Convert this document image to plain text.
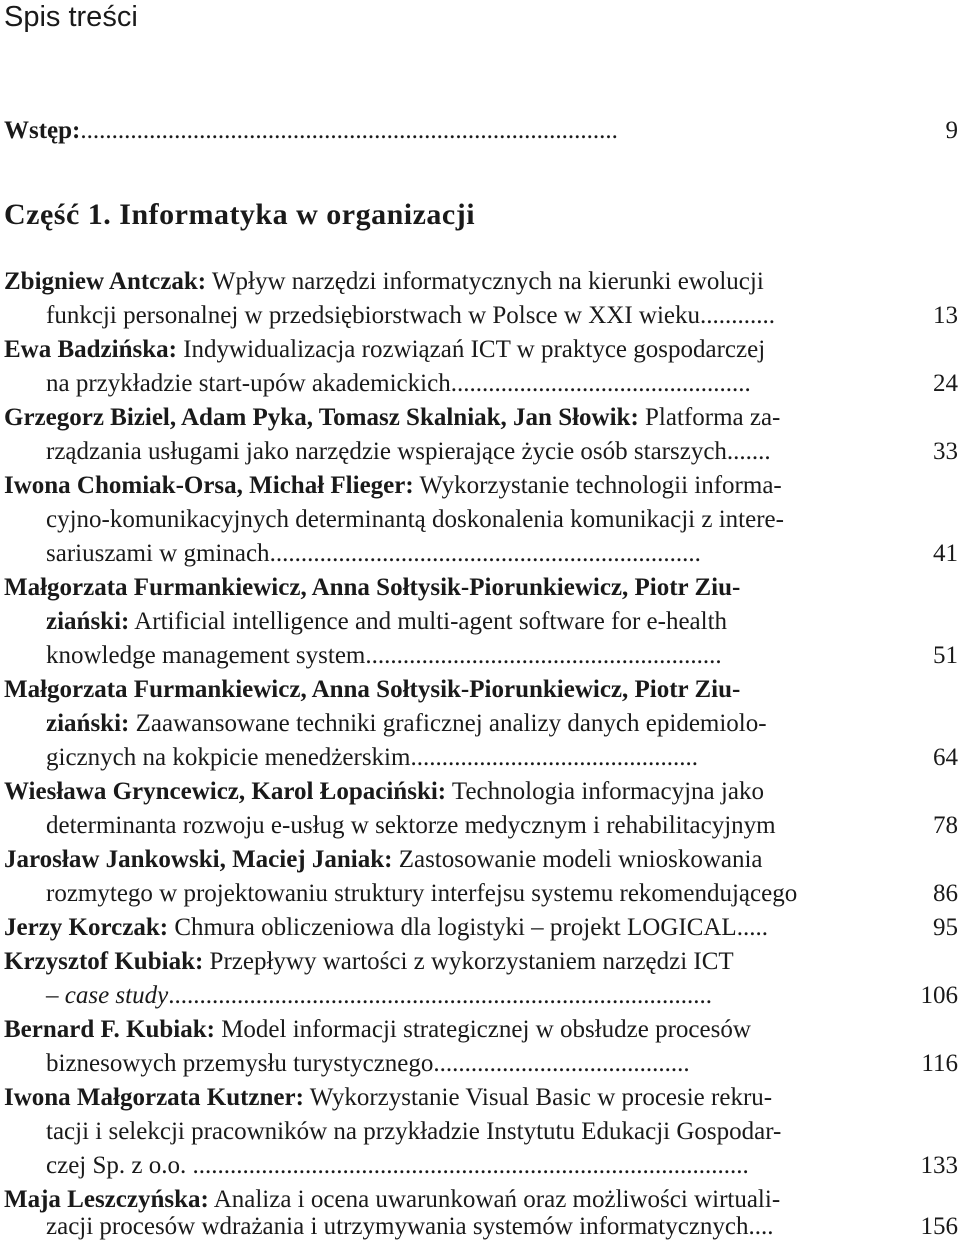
Spis treści
Wstęp:......................................................................................	9
Część 1. Informatyka w organizacji
Zbigniew Antczak: Wpływ narzędzi informatycznych na kierunki ewolucji
funkcji personalnej w przedsiębiorstwach w Polsce w XXI wieku............	13
Ewa Badzińska: Indywidualizacja rozwiązań ICT w praktyce gospodarczej
na przykładzie start-upów akademickich................................................	24
Grzegorz Biziel, Adam Pyka, Tomasz Skalniak, Jan Słowik: Platforma za-
rządzania usługami jako narzędzie wspierające życie osób starszych.......	33
Iwona Chomiak-Orsa, Michał Flieger: Wykorzystanie technologii informa-
cyjno-komunikacyjnych determinantą doskonalenia komunikacji z intere-
sariuszami w gminach.....................................................................	41
Małgorzata Furmankiewicz, Anna Sołtysik-Piorunkiewicz, Piotr Ziu-
ziański: Artificial intelligence and multi-agent software for e-health
knowledge management system.........................................................	51
Małgorzata Furmankiewicz, Anna Sołtysik-Piorunkiewicz, Piotr Ziu-
ziański: Zaawansowane techniki graficznej analizy danych epidemiolo-
gicznych na kokpicie menedżerskim..............................................	64
Wiesława Gryncewicz, Karol Łopaciński: Technologia informacyjna jako
determinanta rozwoju e-usług w sektorze medycznym i rehabilitacyjnym	78
Jarosław Jankowski, Maciej Janiak: Zastosowanie modeli wnioskowania
rozmytego w projektowaniu struktury interfejsu systemu rekomendującego	86
Jerzy Korczak: Chmura obliczeniowa dla logistyki – projekt LOGICAL.....	95
Krzysztof Kubiak: Przepływy wartości z wykorzystaniem narzędzi ICT
– case study.......................................................................................	106
Bernard F. Kubiak: Model informacji strategicznej w obsłudze procesów
biznesowych przemysłu turystycznego.........................................	116
Iwona Małgorzata Kutzner: Wykorzystanie Visual Basic w procesie rekru-
tacji i selekcji pracowników na przykładzie Instytutu Edukacji Gospodar-
czej Sp. z o.o. .........................................................................................	133
Maja Leszczyńska: Analiza i ocena uwarunkowań oraz możliwości wirtuali-
zacji procesów wdrażania i utrzymywania systemów informatycznych....	156
